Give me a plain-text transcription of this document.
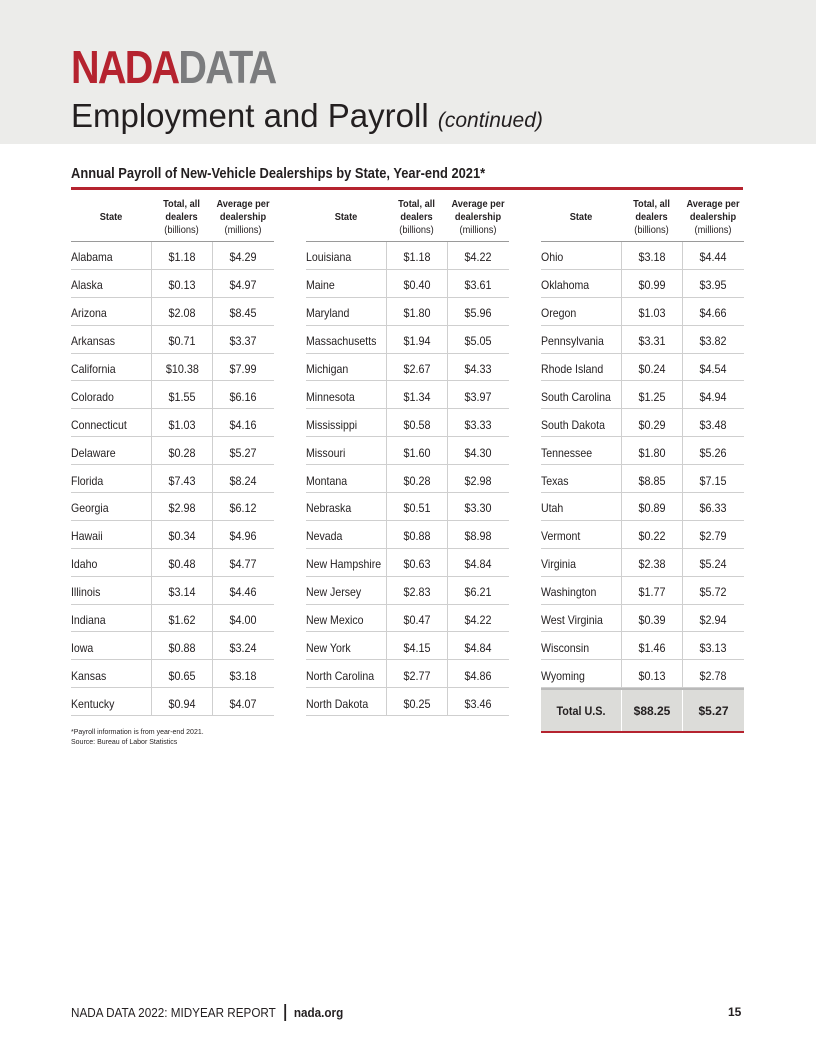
NADADATA
Employment and Payroll (continued)
Annual Payroll of New-Vehicle Dealerships by State, Year-end 2021*
State
Total, all
dealers
(billions)
Average per
dealership
(millions)
Alabama	$1.18	$4.29
Alaska	$0.13	$4.97
Arizona	$2.08	$8.45
Arkansas	$0.71	$3.37
California	$10.38	$7.99
Colorado	$1.55	$6.16
Connecticut	$1.03	$4.16
Delaware	$0.28	$5.27
Florida	$7.43	$8.24
Georgia	$2.98	$6.12
Hawaii	$0.34	$4.96
Idaho	$0.48	$4.77
Illinois	$3.14	$4.46
Indiana	$1.62	$4.00
Iowa	$0.88	$3.24
Kansas	$0.65	$3.18
Kentucky	$0.94	$4.07
State
Total, all
dealers
(billions)
Average per
dealership
(millions)
Louisiana	$1.18	$4.22
Maine	$0.40	$3.61
Maryland	$1.80	$5.96
Massachusetts $1.94	$5.05
Michigan	$2.67	$4.33
Minnesota	$1.34	$3.97
Mississippi	$0.58	$3.33
Missouri	$1.60	$4.30
Montana	$0.28	$2.98
Nebraska	$0.51	$3.30
Nevada	$0.88	$8.98
New Hampshire $0.63	$4.84
New Jersey	$2.83	$6.21
New Mexico	$0.47	$4.22
New York	$4.15	$4.84
North Carolina $2.77	$4.86
North Dakota	$0.25	$3.46
State
Total, all
dealers
(billions)
Average per
dealership
(millions)
Ohio	$3.18	$4.44
Oklahoma	$0.99	$3.95
Oregon	$1.03	$4.66
Pennsylvania	$3.31	$3.82
Rhode Island	$0.24	$4.54
South Carolina $1.25	$4.94
South Dakota	$0.29	$3.48
Tennessee	$1.80	$5.26
Texas	$8.85	$7.15
Utah	$0.89	$6.33
Vermont	$0.22	$2.79
Virginia	$2.38	$5.24
Washington	$1.77	$5.72
West Virginia	$0.39	$2.94
Wisconsin	$1.46	$3.13
Wyoming	$0.13	$2.78
Total U.S.	$88.25	$5.27
*Payroll information is from year-end 2021.
Source: Bureau of Labor Statistics
NADA DATA 2022: MIDYEAR REPORT nada.org	15
